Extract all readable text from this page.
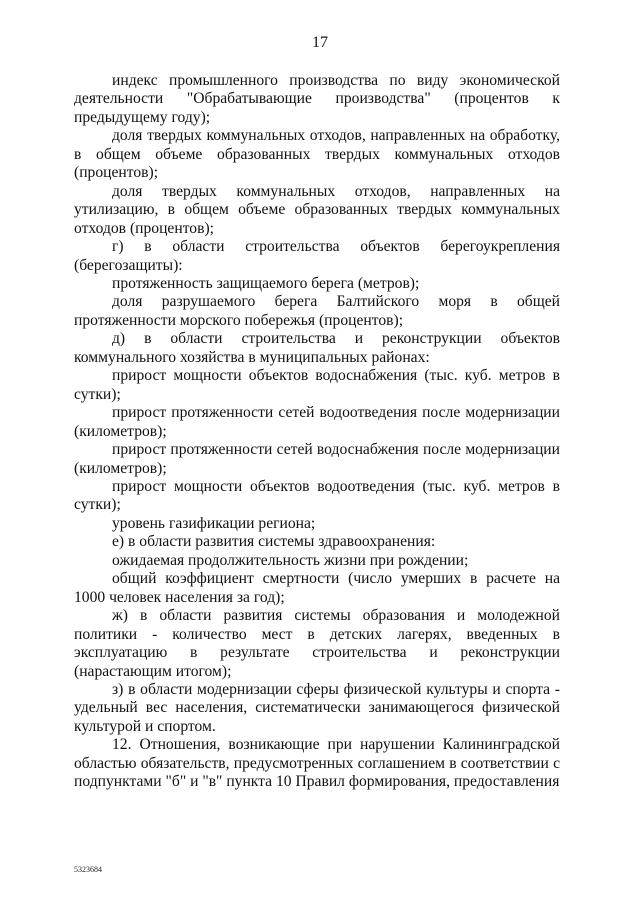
17

индекс промышленного производства по виду экономической деятельности "Обрабатывающие производства" (процентов к предыдущему году);

доля твердых коммунальных отходов, направленных на обработку, в общем объеме образованных твердых коммунальных отходов (процентов);

доля твердых коммунальных отходов, направленных на утилизацию, в общем объеме образованных твердых коммунальных отходов (процентов);

г) в области строительства объектов берегоукрепления (берегозащиты):

протяженность защищаемого берега (метров);

доля разрушаемого берега Балтийского моря в общей протяженности морского побережья (процентов);

д) в области строительства и реконструкции объектов коммунального хозяйства в муниципальных районах:

прирост мощности объектов водоснабжения (тыс. куб. метров в сутки);

прирост протяженности сетей водоотведения после модернизации (километров);

прирост протяженности сетей водоснабжения после модернизации (километров);

прирост мощности объектов водоотведения (тыс. куб. метров в сутки);

уровень газификации региона;

е) в области развития системы здравоохранения:

ожидаемая продолжительность жизни при рождении;

общий коэффициент смертности (число умерших в расчете на 1000 человек населения за год);

ж) в области развития системы образования и молодежной политики - количество мест в детских лагерях, введенных в эксплуатацию в результате строительства и реконструкции (нарастающим итогом);

з) в области модернизации сферы физической культуры и спорта - удельный вес населения, систематически занимающегося физической культурой и спортом.

12. Отношения, возникающие при нарушении Калининградской областью обязательств, предусмотренных соглашением в соответствии с подпунктами "б" и "в" пункта 10 Правил формирования, предоставления

5323684
